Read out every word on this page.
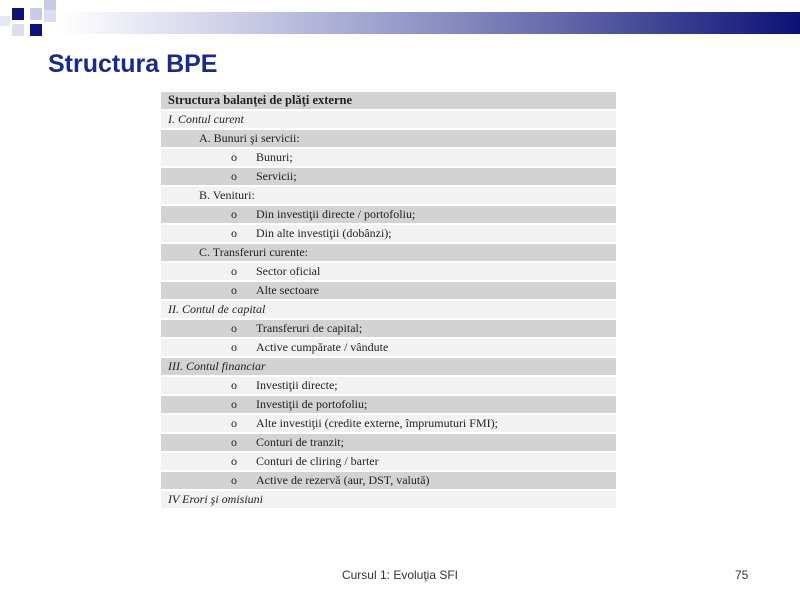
Structura BPE
Structura balanţei de plăţi externe
I. Contul curent
A. Bunuri şi servicii:
o Bunuri;
o Servicii;
B. Venituri:
o Din investiţii directe / portofoliu;
o Din alte investiţii (dobânzi);
C. Transferuri curente:
o Sector oficial
o Alte sectoare
II. Contul de capital
o Transferuri de capital;
o Active cumpărate / vândute
III. Contul financiar
o Investiţii directe;
o Investiţii de portofoliu;
o Alte investiţii (credite externe, împrumuturi FMI);
o Conturi de tranzit;
o Conturi de cliring / barter
o Active de rezervă (aur, DST, valută)
IV Erori şi omisiuni
Cursul 1: Evoluţia SFI	75
